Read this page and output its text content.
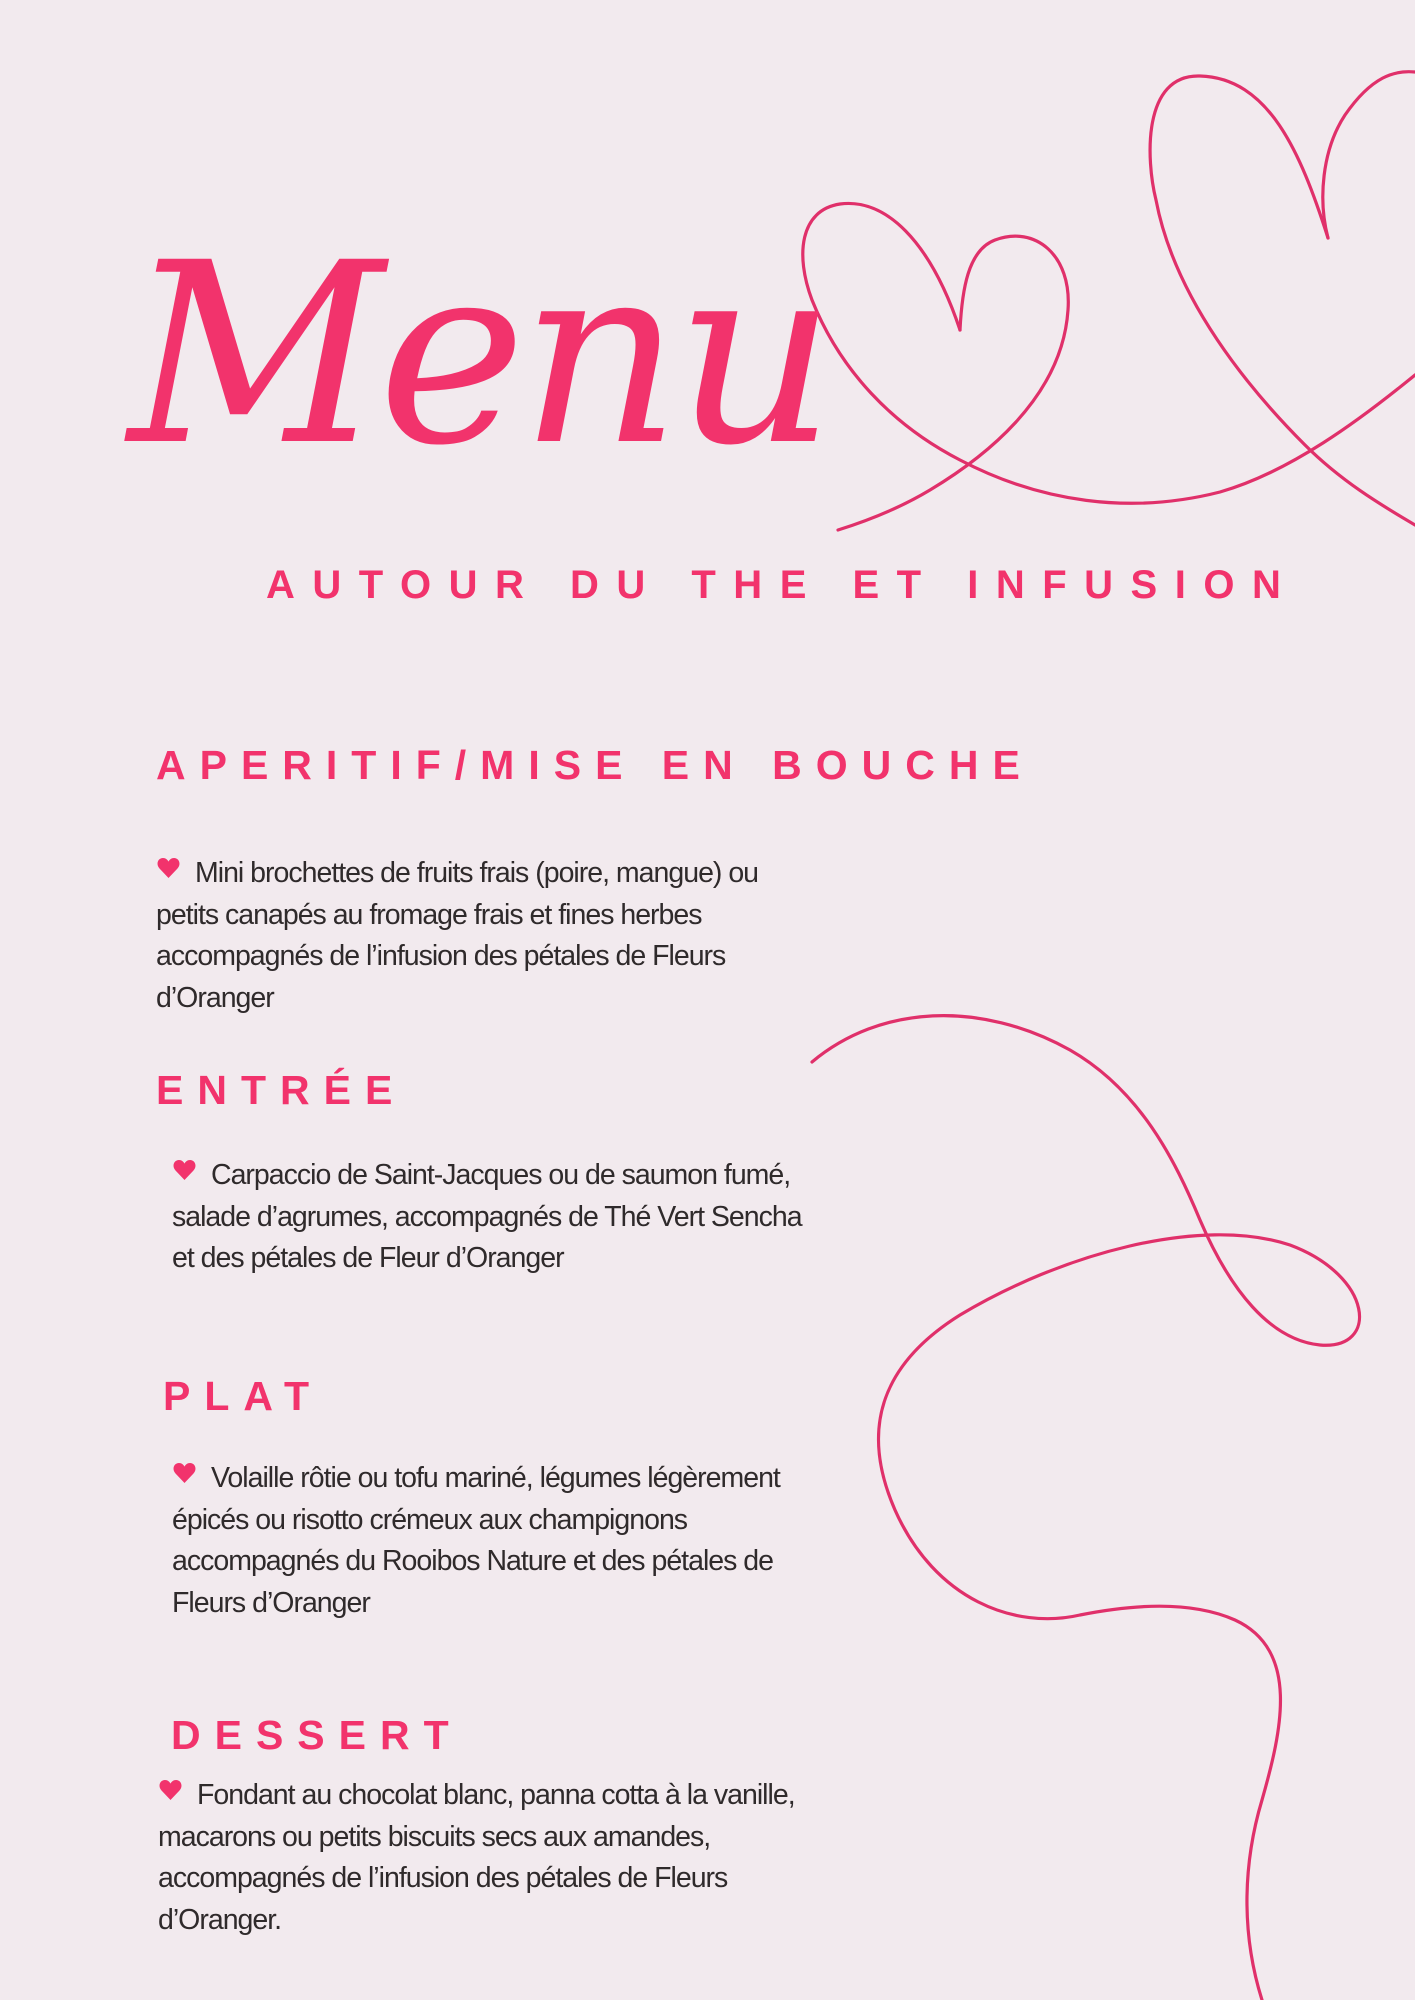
Menu

AUTOUR DU THE ET INFUSION

APERITIF/MISE EN BOUCHE
Mini brochettes de fruits frais (poire, mangue) ou petits canapés au fromage frais et fines herbes accompagnés de l’infusion des pétales de Fleurs d’Oranger
ENTRÉE
Carpaccio de Saint-Jacques ou de saumon fumé, salade d’agrumes, accompagnés de Thé Vert Sencha et des pétales de Fleur d’Oranger
PLAT
Volaille rôtie ou tofu mariné, légumes légèrement épicés ou risotto crémeux aux champignons accompagnés du Rooibos Nature et des pétales de Fleurs d’Oranger
DESSERT
Fondant au chocolat blanc, panna cotta à la vanille, macarons ou petits biscuits secs aux amandes, accompagnés de l’infusion des pétales de Fleurs d’Oranger.
